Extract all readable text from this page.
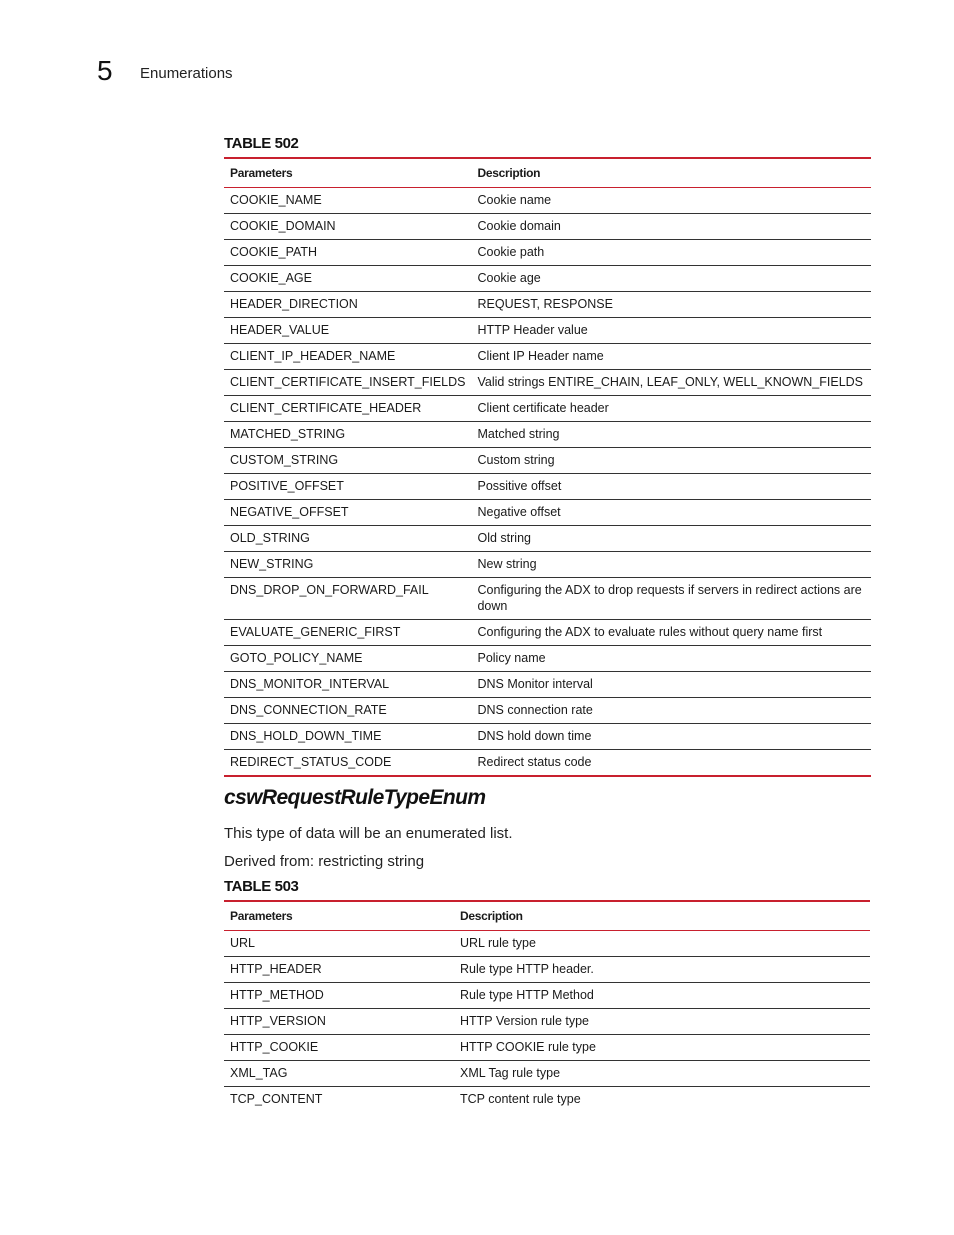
5 Enumerations
TABLE 502
Parameters	Description
COOKIE_NAME	Cookie name
COOKIE_DOMAIN	Cookie domain
COOKIE_PATH	Cookie path
COOKIE_AGE	Cookie age
HEADER_DIRECTION	REQUEST, RESPONSE
HEADER_VALUE	HTTP Header value
CLIENT_IP_HEADER_NAME	Client IP Header name
CLIENT_CERTIFICATE_INSERT_FIELDS	Valid strings ENTIRE_CHAIN, LEAF_ONLY, WELL_KNOWN_FIELDS
CLIENT_CERTIFICATE_HEADER	Client certificate header
MATCHED_STRING	Matched string
CUSTOM_STRING	Custom string
POSITIVE_OFFSET	Possitive offset
NEGATIVE_OFFSET	Negative offset
OLD_STRING	Old string
NEW_STRING	New string
DNS_DROP_ON_FORWARD_FAIL	Configuring the ADX to drop requests if servers in redirect actions are down
EVALUATE_GENERIC_FIRST	Configuring the ADX to evaluate rules without query name first
GOTO_POLICY_NAME	Policy name
DNS_MONITOR_INTERVAL	DNS Monitor interval
DNS_CONNECTION_RATE	DNS connection rate
DNS_HOLD_DOWN_TIME	DNS hold down time
REDIRECT_STATUS_CODE	Redirect status code
cswRequestRuleTypeEnum
This type of data will be an enumerated list.
Derived from: restricting string
TABLE 503
Parameters	Description
URL	URL rule type
HTTP_HEADER	Rule type HTTP header.
HTTP_METHOD	Rule type HTTP Method
HTTP_VERSION	HTTP Version rule type
HTTP_COOKIE	HTTP COOKIE rule type
XML_TAG	XML Tag rule type
TCP_CONTENT	TCP content rule type
